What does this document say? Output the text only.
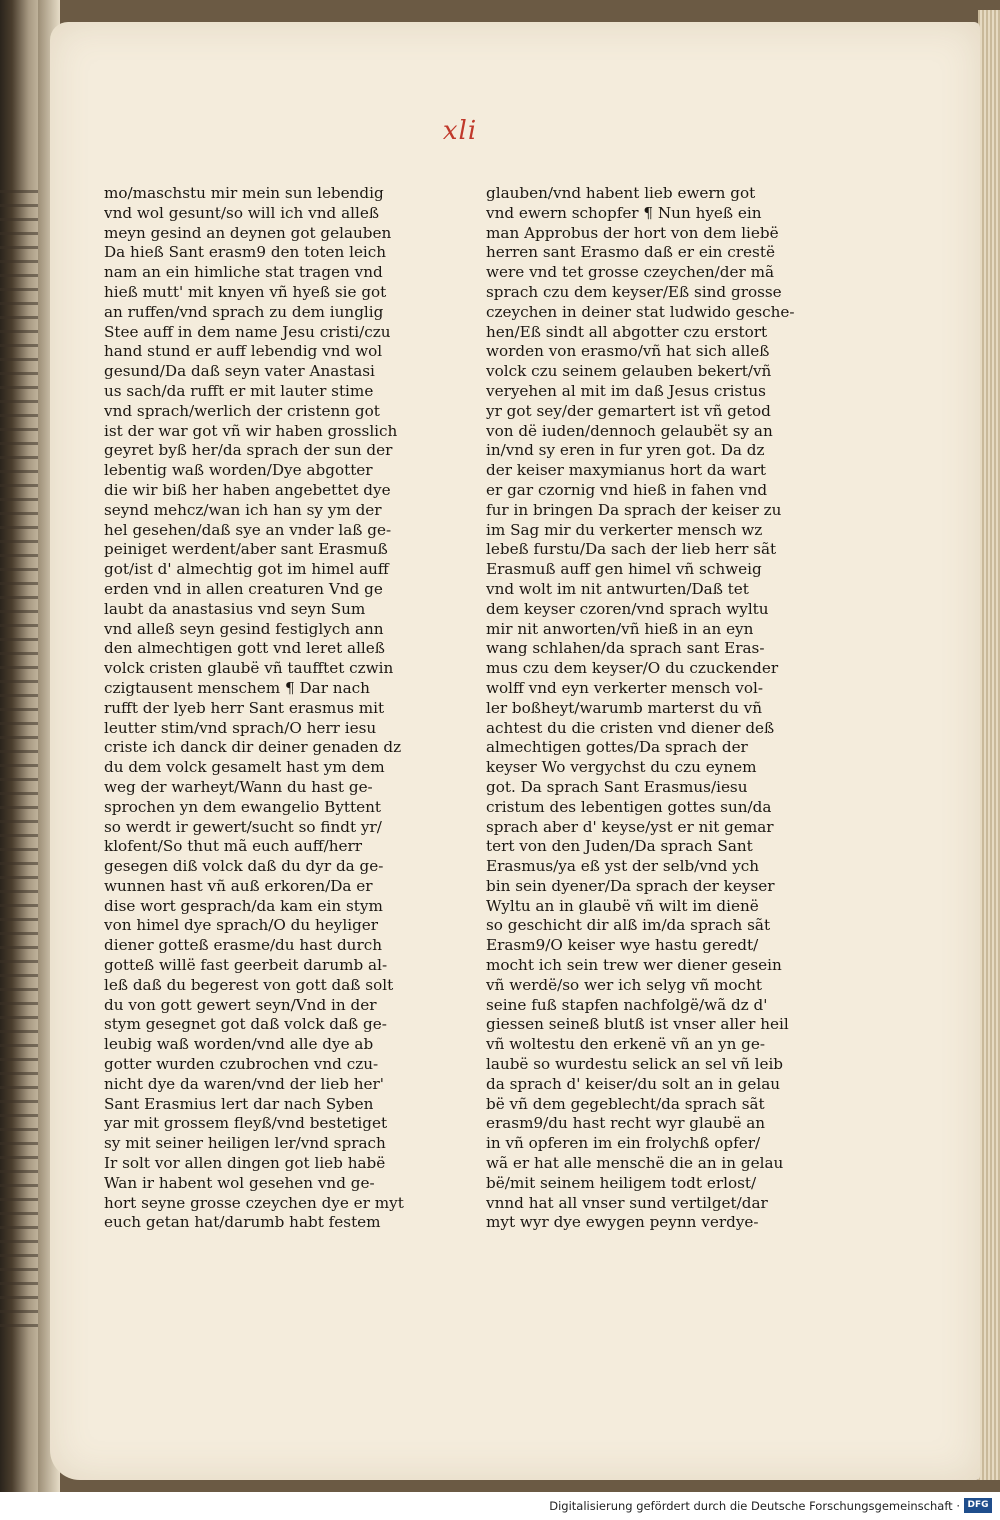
xli
mo/maschstu mir mein sun lebendig
vnd wol gesunt/so will ich vnd alleß
meyn gesind an deynen got gelauben
Da hieß Sant erasm9 den toten leich
nam an ein himliche stat tragen vnd
hieß mutt' mit knyen vñ hyeß sie got
an ruffen/vnd sprach zu dem iunglig
Stee auff in dem name Jesu cristi/czu
hand stund er auff lebendig vnd wol
gesund/Da daß seyn vater Anastasi
us sach/da rufft er mit lauter stime
vnd sprach/werlich der cristenn got
ist der war got vñ wir haben grosslich
geyret byß her/da sprach der sun der
lebentig waß worden/Dye abgotter
die wir biß her haben angebettet dye
seynd mehcz/wan ich han sy ym der
hel gesehen/daß sye an vnder laß ge-
peiniget werdent/aber sant Erasmuß
got/ist d' almechtig got im himel auff
erden vnd in allen creaturen Vnd ge
laubt da anastasius vnd seyn Sum
vnd alleß seyn gesind festiglych ann
den almechtigen gott vnd leret alleß
volck cristen glaubë vñ taufftet czwin
czigtausent menschem ¶ Dar nach
rufft der lyeb herr Sant erasmus mit
leutter stim/vnd sprach/O herr iesu
criste ich danck dir deiner genaden dz
du dem volck gesamelt hast ym dem
weg der warheyt/Wann du hast ge-
sprochen yn dem ewangelio Byttent
so werdt ir gewert/sucht so findt yr/
klofent/So thut mã euch auff/herr
gesegen diß volck daß du dyr da ge-
wunnen hast vñ auß erkoren/Da er
dise wort gesprach/da kam ein stym
von himel dye sprach/O du heyliger
diener gotteß erasme/du hast durch
gotteß willë fast geerbeit darumb al-
leß daß du begerest von gott daß solt
du von gott gewert seyn/Vnd in der
stym gesegnet got daß volck daß ge-
leubig waß worden/vnd alle dye ab
gotter wurden czubrochen vnd czu-
nicht dye da waren/vnd der lieb her'
Sant Erasmius lert dar nach Syben
yar mit grossem fleyß/vnd bestetiget
sy mit seiner heiligen ler/vnd sprach
Ir solt vor allen dingen got lieb habë
Wan ir habent wol gesehen vnd ge-
hort seyne grosse czeychen dye er myt
euch getan hat/darumb habt festem
glauben/vnd habent lieb ewern got
vnd ewern schopfer ¶ Nun hyeß ein
man Approbus der hort von dem liebë
herren sant Erasmo daß er ein crestë
were vnd tet grosse czeychen/der mã
sprach czu dem keyser/Eß sind grosse
czeychen in deiner stat ludwido gesche-
hen/Eß sindt all abgotter czu erstort
worden von erasmo/vñ hat sich alleß
volck czu seinem gelauben bekert/vñ
veryehen al mit im daß Jesus cristus
yr got sey/der gemartert ist vñ getod
von dë iuden/dennoch gelaubët sy an
in/vnd sy eren in fur yren got. Da dz
der keiser maxymianus hort da wart
er gar czornig vnd hieß in fahen vnd
fur in bringen Da sprach der keiser zu
im Sag mir du verkerter mensch wz
lebeß furstu/Da sach der lieb herr sãt
Erasmuß auff gen himel vñ schweig
vnd wolt im nit antwurten/Daß tet
dem keyser czoren/vnd sprach wyltu
mir nit anworten/vñ hieß in an eyn
wang schlahen/da sprach sant Eras-
mus czu dem keyser/O du czuckender
wolff vnd eyn verkerter mensch vol-
ler boßheyt/warumb marterst du vñ
achtest du die cristen vnd diener deß
almechtigen gottes/Da sprach der
keyser Wo vergychst du czu eynem
got. Da sprach Sant Erasmus/iesu
cristum des lebentigen gottes sun/da
sprach aber d' keyse/yst er nit gemar
tert von den Juden/Da sprach Sant
Erasmus/ya eß yst der selb/vnd ych
bin sein dyener/Da sprach der keyser
Wyltu an in glaubë vñ wilt im dienë
so geschicht dir alß im/da sprach sãt
Erasm9/O keiser wye hastu geredt/
mocht ich sein trew wer diener gesein
vñ werdë/so wer ich selyg vñ mocht
seine fuß stapfen nachfolgë/wã dz d'
giessen seineß blutß ist vnser aller heil
vñ woltestu den erkenë vñ an yn ge-
laubë so wurdestu selick an sel vñ leib
da sprach d' keiser/du solt an in gelau
bë vñ dem gegeblecht/da sprach sãt
erasm9/du hast recht wyr glaubë an
in vñ opferen im ein frolychß opfer/
wã er hat alle menschë die an in gelau
bë/mit seinem heiligem todt erlost/
vnnd hat all vnser sund vertilget/dar
myt wyr dye ewygen peynn verdye-
Digitalisierung gefördert durch die Deutsche Forschungsgemeinschaft · DFG
